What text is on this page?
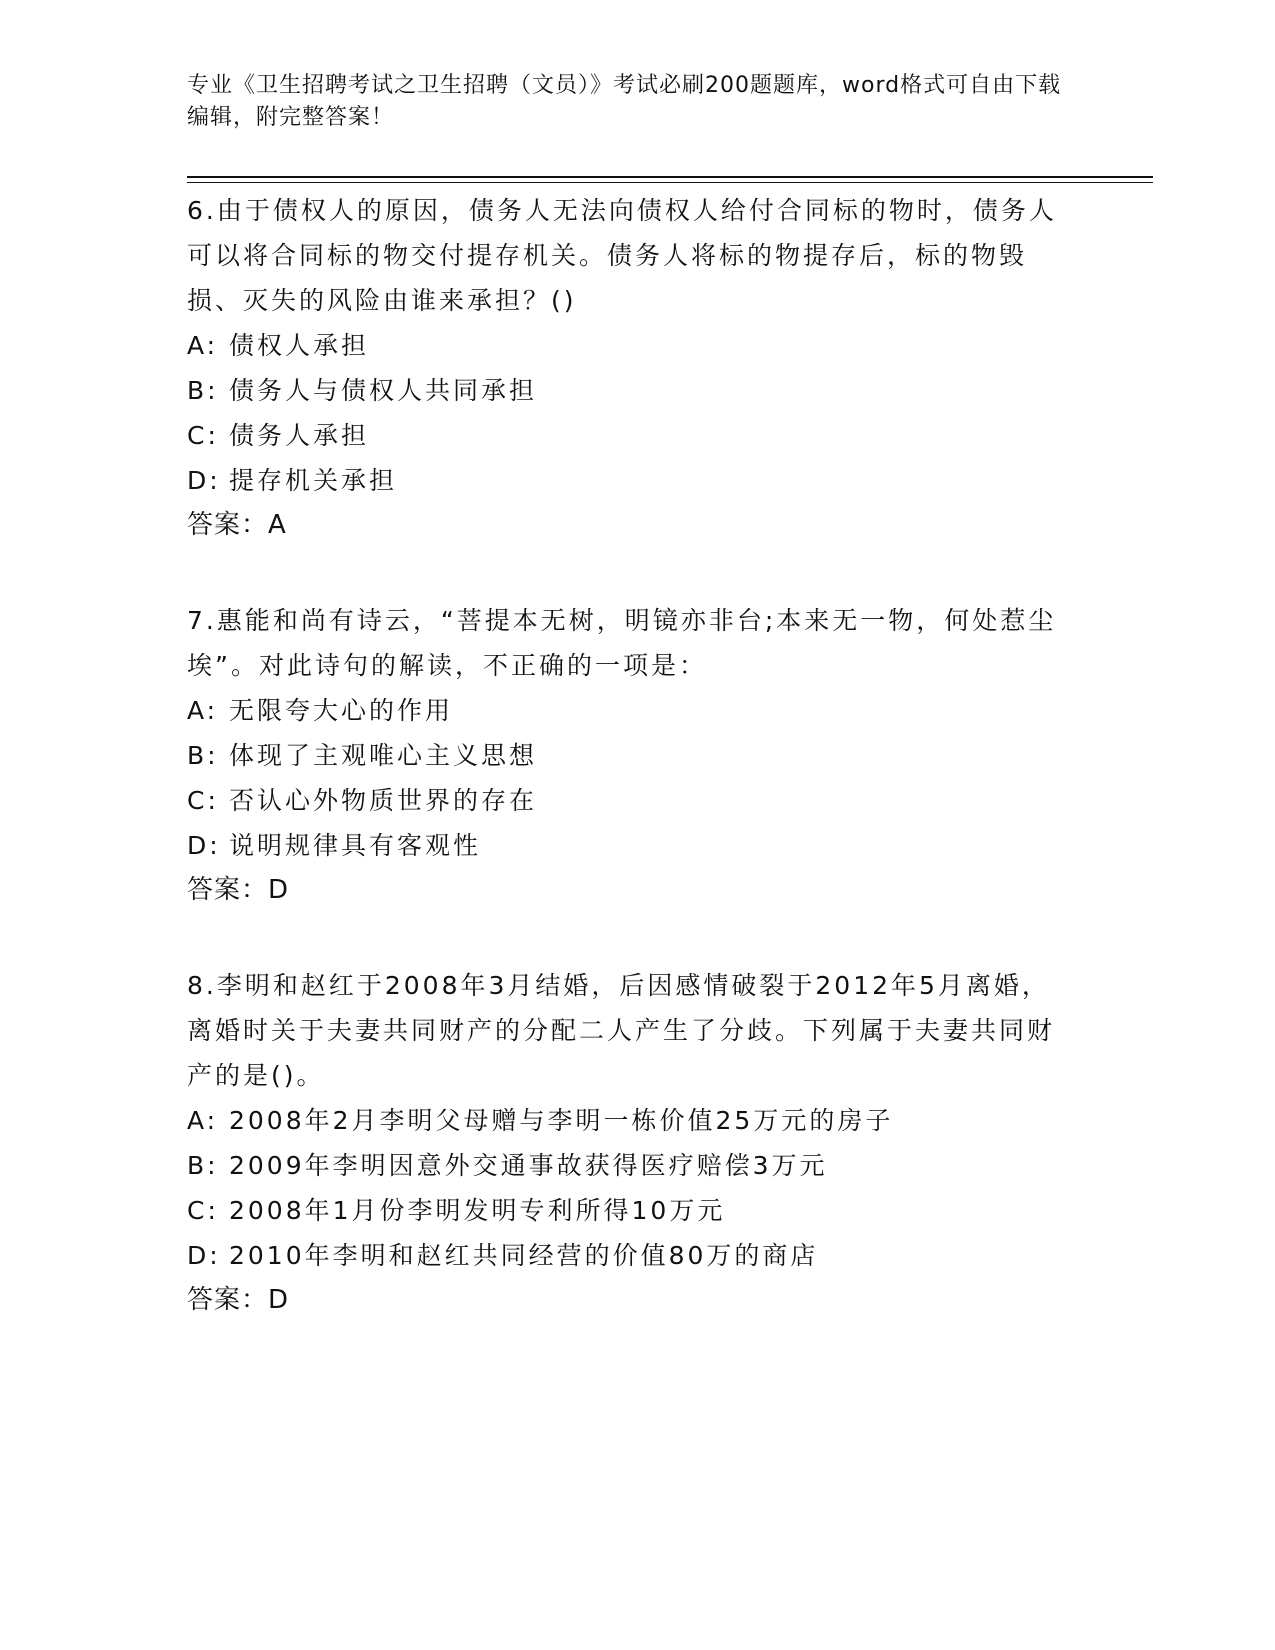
专业《卫生招聘考试之卫生招聘（文员）》考试必刷200题题库，word格式可自由下载编辑，附完整答案！

6.由于债权人的原因，债务人无法向债权人给付合同标的物时，债务人可以将合同标的物交付提存机关。债务人将标的物提存后，标的物毁损、灭失的风险由谁来承担？()

A: 债权人承担

B: 债务人与债权人共同承担

C: 债务人承担

D: 提存机关承担

答案：A

7.惠能和尚有诗云，“菩提本无树，明镜亦非台;本来无一物，何处惹尘埃”。对此诗句的解读，不正确的一项是：

A: 无限夸大心的作用

B: 体现了主观唯心主义思想

C: 否认心外物质世界的存在

D: 说明规律具有客观性

答案：D

8.李明和赵红于2008年3月结婚，后因感情破裂于2012年5月离婚，离婚时关于夫妻共同财产的分配二人产生了分歧。下列属于夫妻共同财产的是()。

A: 2008年2月李明父母赠与李明一栋价值25万元的房子

B: 2009年李明因意外交通事故获得医疗赔偿3万元

C: 2008年1月份李明发明专利所得10万元

D: 2010年李明和赵红共同经营的价值80万的商店

答案：D
